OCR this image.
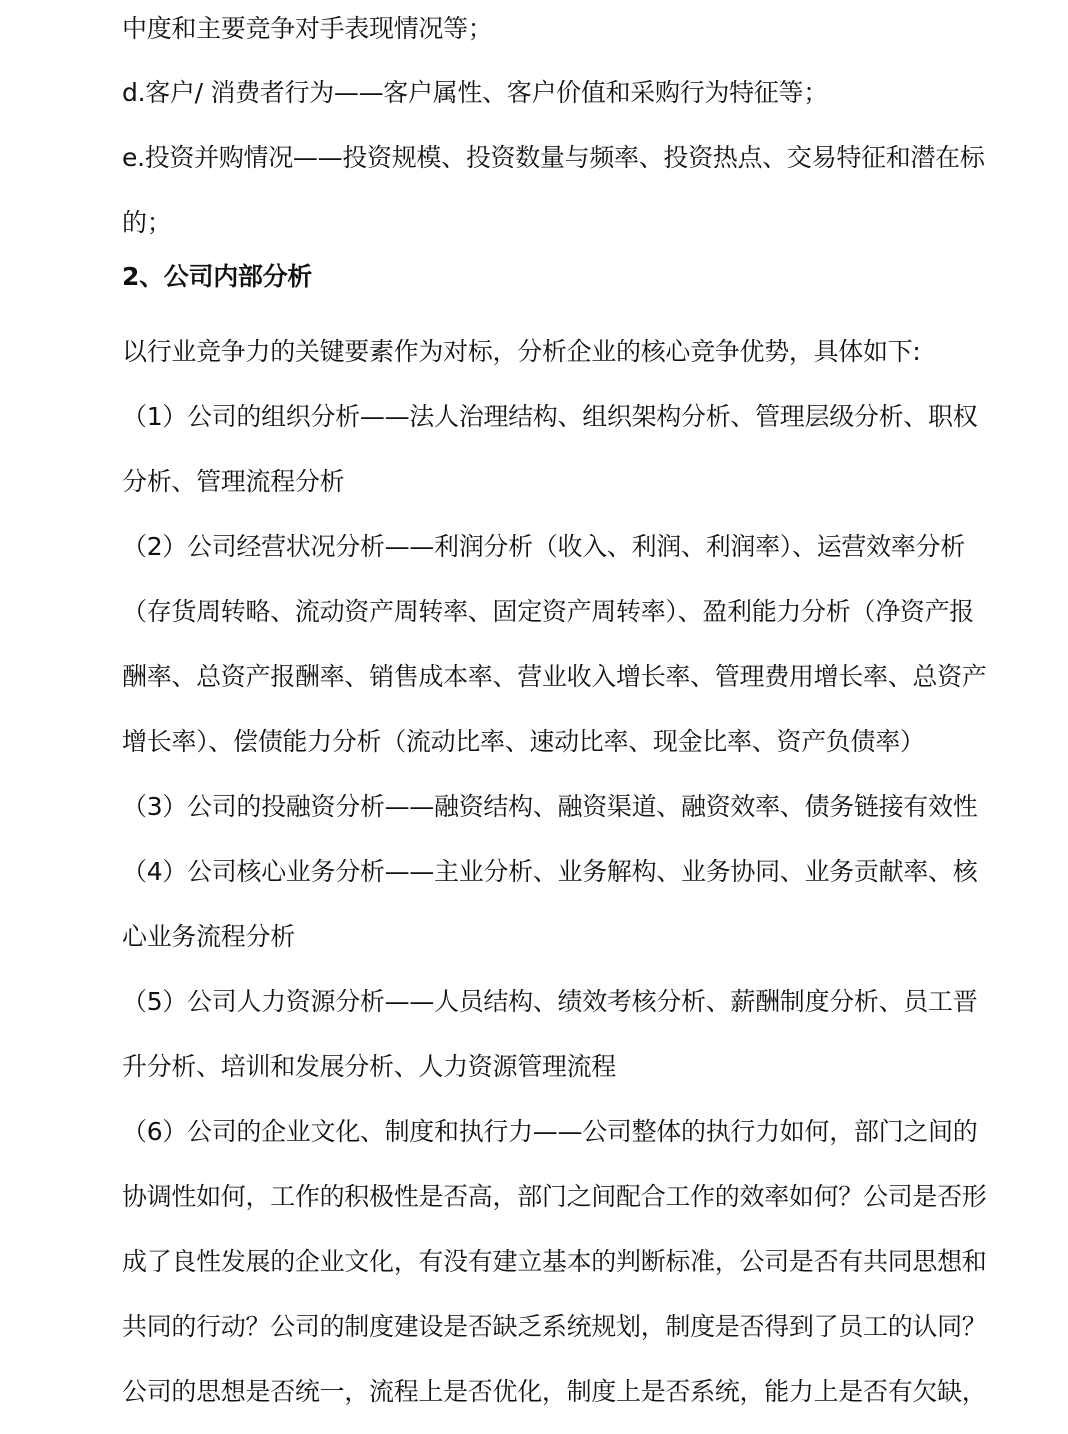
中度和主要竞争对手表现情况等；
d.客户/ 消费者行为——客户属性、客户价值和采购行为特征等；
e.投资并购情况——投资规模、投资数量与频率、投资热点、交易特征和潜在标
的；
2、公司内部分析
以行业竞争力的关键要素作为对标，分析企业的核心竞争优势，具体如下:
（1）公司的组织分析——法人治理结构、组织架构分析、管理层级分析、职权
分析、管理流程分析
（2）公司经营状况分析——利润分析（收入、利润、利润率）、运营效率分析
（存货周转略、流动资产周转率、固定资产周转率）、盈利能力分析（净资产报
酬率、总资产报酬率、销售成本率、营业收入增长率、管理费用增长率、总资产
增长率）、偿债能力分析（流动比率、速动比率、现金比率、资产负债率）
（3）公司的投融资分析——融资结构、融资渠道、融资效率、债务链接有效性
（4）公司核心业务分析——主业分析、业务解构、业务协同、业务贡献率、核
心业务流程分析
（5）公司人力资源分析——人员结构、绩效考核分析、薪酬制度分析、员工晋
升分析、培训和发展分析、人力资源管理流程
（6）公司的企业文化、制度和执行力——公司整体的执行力如何，部门之间的
协调性如何，工作的积极性是否高，部门之间配合工作的效率如何？公司是否形
成了良性发展的企业文化，有没有建立基本的判断标准，公司是否有共同思想和
共同的行动？公司的制度建设是否缺乏系统规划，制度是否得到了员工的认同？
公司的思想是否统一，流程上是否优化，制度上是否系统，能力上是否有欠缺，
